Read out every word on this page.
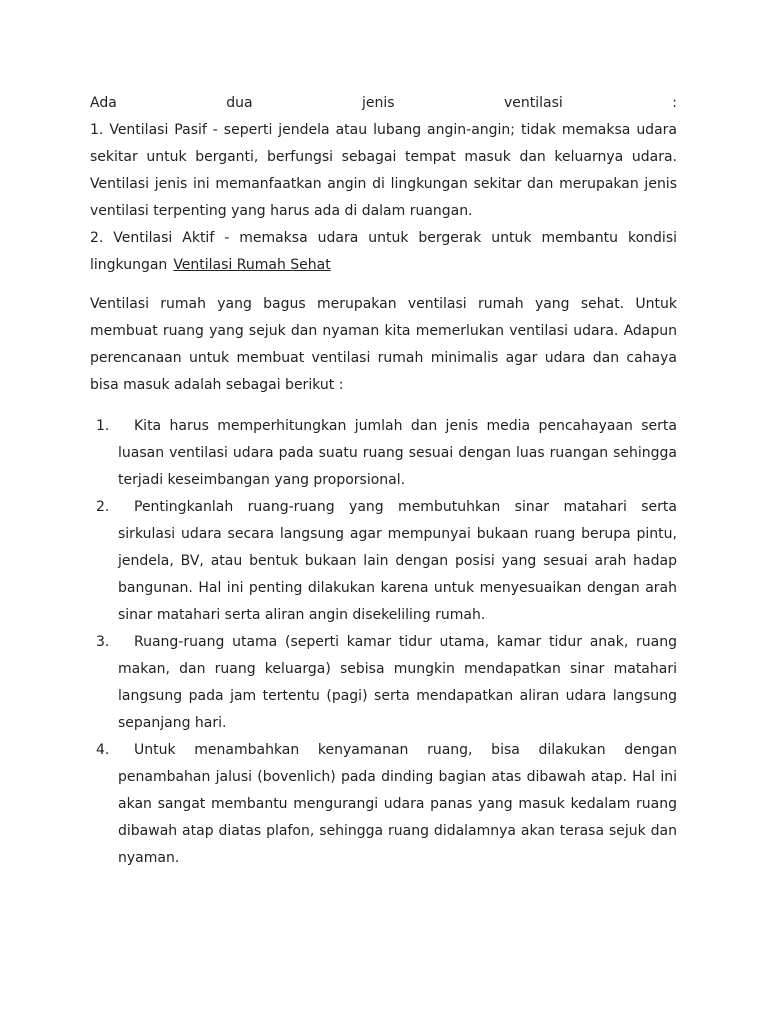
Ada	dua	jenis	ventilasi	:

1. Ventilasi Pasif - seperti jendela atau lubang angin-angin; tidak memaksa udara sekitar untuk berganti, berfungsi sebagai tempat masuk dan keluarnya udara. Ventilasi jenis ini memanfaatkan angin di lingkungan sekitar dan merupakan jenis ventilasi terpenting yang harus ada di dalam ruangan.

2. Ventilasi Aktif - memaksa udara untuk bergerak untuk membantu kondisi lingkungan Ventilasi Rumah Sehat

Ventilasi rumah yang bagus merupakan ventilasi rumah yang sehat. Untuk membuat ruang yang sejuk dan nyaman kita memerlukan ventilasi udara. Adapun perencanaan untuk membuat ventilasi rumah minimalis agar udara dan cahaya bisa masuk adalah sebagai berikut :

1.	Kita harus memperhitungkan jumlah dan jenis media pencahayaan serta luasan ventilasi udara pada suatu ruang sesuai dengan luas ruangan sehingga terjadi keseimbangan yang proporsional.
2.	Pentingkanlah ruang-ruang yang membutuhkan sinar matahari serta sirkulasi udara secara langsung agar mempunyai bukaan ruang berupa pintu, jendela, BV, atau bentuk bukaan lain dengan posisi yang sesuai arah hadap bangunan. Hal ini penting dilakukan karena untuk menyesuaikan dengan arah sinar matahari serta aliran angin disekeliling rumah.
3.	Ruang-ruang utama (seperti kamar tidur utama, kamar tidur anak, ruang makan, dan ruang keluarga) sebisa mungkin mendapatkan sinar matahari langsung pada jam tertentu (pagi) serta mendapatkan aliran udara langsung sepanjang hari.
4.	Untuk menambahkan kenyamanan ruang, bisa dilakukan dengan penambahan jalusi (bovenlich) pada dinding bagian atas dibawah atap. Hal ini akan sangat membantu mengurangi udara panas yang masuk kedalam ruang dibawah atap diatas plafon, sehingga ruang didalamnya akan terasa sejuk dan nyaman.
